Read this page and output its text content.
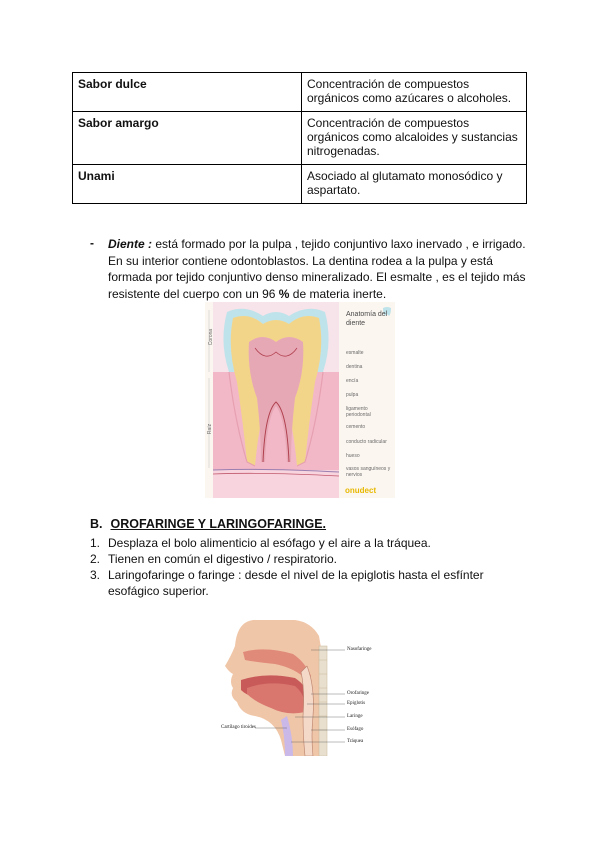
Sabor dulce	Concentración de compuestos orgánicos como azúcares o alcoholes.
Sabor amargo	Concentración de compuestos orgánicos como alcaloides y sustancias nitrogenadas.
Unami	Asociado al glutamato monosódico y aspartato.
- Diente : está formado por la pulpa , tejido conjuntivo laxo inervado , e irrigado. En su interior contiene odontoblastos. La dentina rodea a la pulpa y está formada por tejido conjuntivo denso mineralizado. El esmalte , es el tejido más resistente del cuerpo con un 96 % de materia inerte.
Corona
Raíz
Anatomía del diente
esmalte
dentina
encía
pulpa
ligamento periodontal
cemento
conducto radicular
hueso
vasos sanguíneos y nervios
onudect
B. OROFARINGE Y LARINGOFARINGE.
1. Desplaza el bolo alimenticio al esófago y el aire a la tráquea.
2. Tienen en común el digestivo / respiratorio.
3. Laringofaringe o faringe : desde el nivel de la epiglotis hasta el esfínter esofágico superior.
Nasofaringe
Orofaringe
Epiglotis
Laringe
Esófago
Tráquea
Cartílago tiroides
